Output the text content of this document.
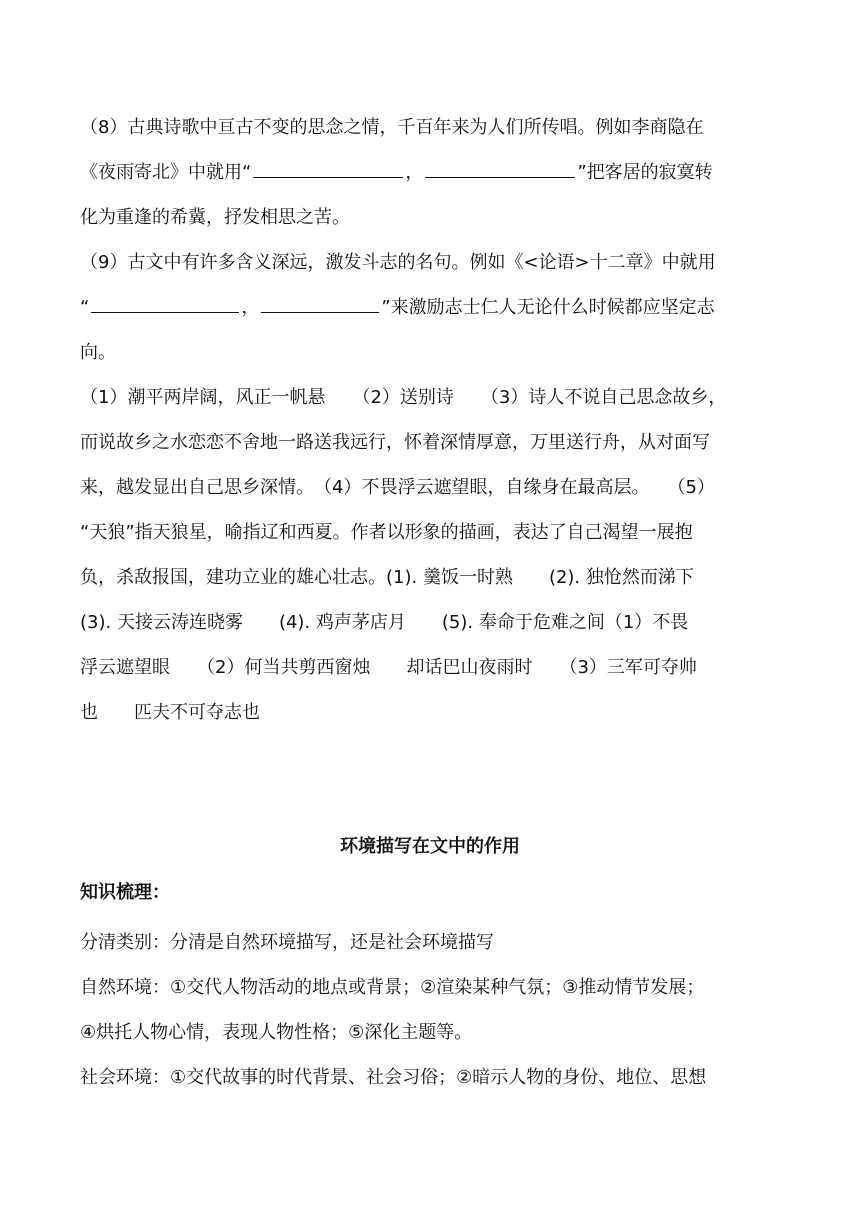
（8）古典诗歌中亘古不变的思念之情，千百年来为人们所传唱。例如李商隐在
《夜雨寄北》中就用“	，	”把客居的寂寞转
化为重逢的希冀，抒发相思之苦。
（9）古文中有许多含义深远，激发斗志的名句。例如《<论语>十二章》中就用
“	，	”来激励志士仁人无论什么时候都应坚定志
向。
（1）潮平两岸阔，风正一帆悬　　（2）送别诗　　（3）诗人不说自己思念故乡，
而说故乡之水恋恋不舍地一路送我远行，怀着深情厚意，万里送行舟，从对面写
来，越发显出自己思乡深情。　（4）不畏浮云遮望眼，自缘身在最高层。　　（5）
“天狼”指天狼星，喻指辽和西夏。作者以形象的描画，表达了自己渴望一展抱
负，杀敌报国，建功立业的雄心壮志。(1). 羹饭一时熟　　(2). 独怆然而涕下
(3). 天接云涛连晓雾　　(4). 鸡声茅店月　　(5). 奉命于危难之间（1）不畏
浮云遮望眼　　（2）何当共剪西窗烛　　却话巴山夜雨时　　（3）三军可夺帅
也　　匹夫不可夺志也
环境描写在文中的作用
知识梳理：
分清类别：分清是自然环境描写，还是社会环境描写
自然环境：①交代人物活动的地点或背景；②渲染某种气氛；③推动情节发展；
④烘托人物心情，表现人物性格；⑤深化主题等。
社会环境：①交代故事的时代背景、社会习俗；②暗示人物的身份、地位、思想
